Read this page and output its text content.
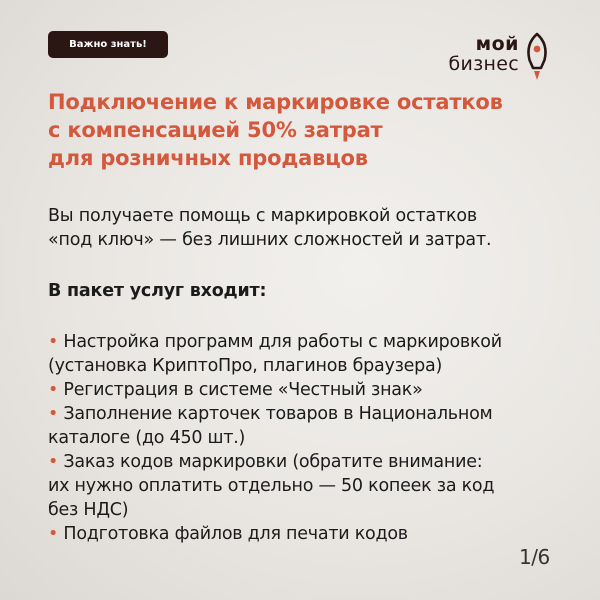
Важно знать!	мой
бизнес
Подключение к маркировке остатков
с компенсацией 50% затрат
для розничных продавцов
Вы получаете помощь с маркировкой остатков
«под ключ» — без лишних сложностей и затрат.
В пакет услуг входит:
• Настройка программ для работы с маркировкой
(установка КриптоПро, плагинов браузера)
• Регистрация в системе «Честный знак»
• Заполнение карточек товаров в Национальном
каталоге (до 450 шт.)
• Заказ кодов маркировки (обратите внимание:
их нужно оплатить отдельно — 50 копеек за код
без НДС)
• Подготовка файлов для печати кодов
1/6
